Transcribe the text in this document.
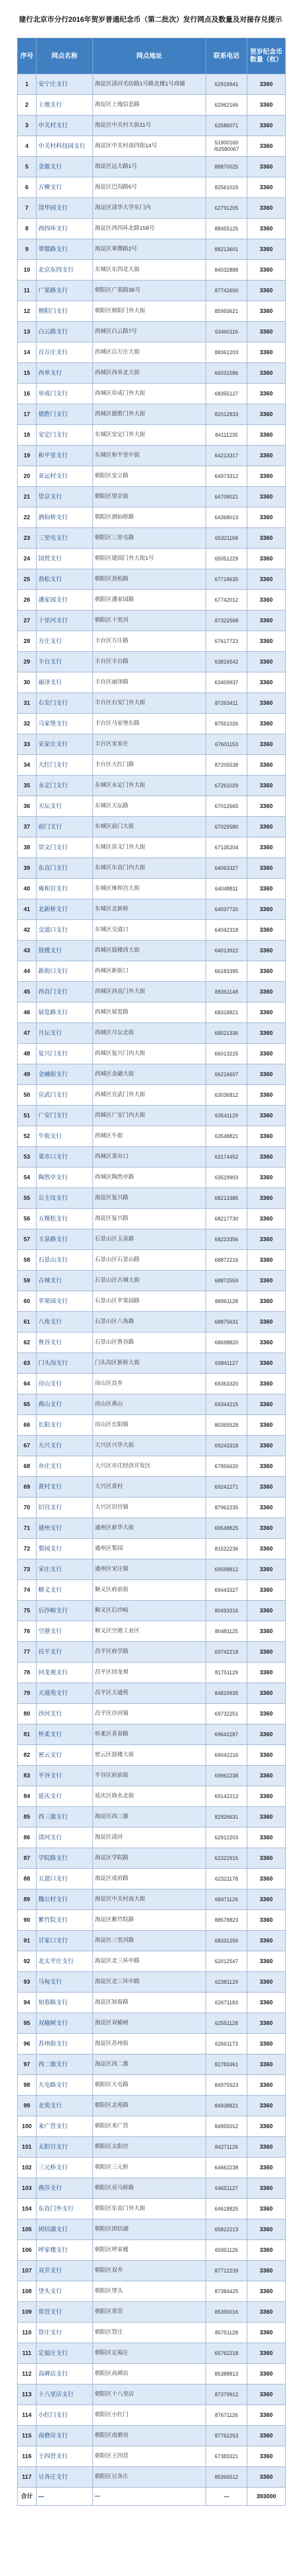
建行北京市分行2016年贺岁普通纪念币（第二批次）发行网点及数量及对接存兑提示
序号	网点名称	网点地址	联系电话	贺岁纪念币
数量（枚）
1	安宁庄支行	海淀区清河毛纺路1号路北楼1号商铺	62919941	3360
2	上地支行	海淀区上地信息路	62962166	3360
3	中关村支行	海淀区中关村大街11号	62586071	3360
4	中关村科技园支行	海淀区中关村南四街14号	51900160
/62580067	3360
5	金源支行	海淀区远大路1号	88870025	3360
6	万柳支行	海淀区巴沟路6号	82561015	3360
7	清华园支行	海淀区清华大学东门内	62791205	3360
8	西四环支行	海淀区西四环北路158号	88455125	3360
9	翠微路支行	海淀区翠微路2号	88213601	3360
10	北京东四支行	东城区东四北大街	84032888	3360
11	广渠路支行	朝阳区广渠路36号	87742600	3360
12	朝阳门支行	朝阳区朝阳门外大街	85993621	3360
13	白云路支行	西城区白云路7号	63460116	3360
14	百万庄支行	西城区百万庄大街	88361203	3360
15	西单支行	西城区西单北大街	66031586	3360
16	阜成门支行	西城区阜成门外大街	68355127	3360
17	德胜门支行	西城区德胜门外大街	82012833	3360
18	安定门支行	东城区安定门外大街	84111235	3360
19	和平里支行	东城区和平里中街	64213317	3360
20	亚运村支行	朝阳区安立路	64973312	3360
21	望京支行	朝阳区望京街	64709021	3360
22	酒仙桥支行	朝阳区酒仙桥路	64368013	3360
23	三里屯支行	朝阳区三里屯路	65321168	3360
24	国贸支行	朝阳区建国门外大街1号	65051229	3360
25	劲松支行	朝阳区劲松路	67718635	3360
26	潘家园支行	朝阳区潘家园路	67742012	3360
27	十里河支行	朝阳区十里河	87322568	3360
28	方庄支行	丰台区方庄路	67617723	3360
29	丰台支行	丰台区丰台路	63816542	3360
30	丽泽支行	丰台区丽泽路	63409937	3360
31	右安门支行	丰台区右安门外大街	87263411	3360
32	马家堡支行	丰台区马家堡东路	87551026	3360
33	宋家庄支行	丰台区宋家庄	67601153	3360
34	大红门支行	丰台区大红门路	87205538	3360
35	永定门支行	东城区永定门外大街	67261029	3360
36	天坛支行	东城区天坛路	67012665	3360
37	前门支行	东城区前门大街	67025580	3360
38	崇文门支行	东城区崇文门外大街	67135204	3360
39	东直门支行	东城区东直门内大街	64063327	3360
40	雍和宫支行	东城区雍和宫大街	64048811	3360
41	北新桥支行	东城区北新桥	64037720	3360
42	交道口支行	东城区交道口	64042318	3360
43	鼓楼支行	西城区鼓楼西大街	64013922	3360
44	新街口支行	西城区新街口	66183395	3360
45	西直门支行	西城区西直门外大街	88361148	3360
46	展览路支行	西城区展览路	68318821	3360
47	月坛支行	西城区月坛北街	68021336	3360
48	复兴门支行	西城区复兴门内大街	66013225	3360
49	金融街支行	西城区金融大街	66216607	3360
50	宣武门支行	西城区宣武门外大街	63036812	3360
51	广安门支行	西城区广安门内大街	63541129	3360
52	牛街支行	西城区牛街	63548821	3360
53	菜市口支行	西城区菜市口	63174452	3360
54	陶然亭支行	西城区陶然亭路	63519903	3360
55	公主坟支行	海淀区复兴路	68213385	3360
56	五棵松支行	海淀区复兴路	68217730	3360
57	玉泉路支行	石景山区玉泉路	68223356	3360
58	石景山支行	石景山区石景山路	68872216	3360
59	古城支行	石景山区古城大街	68872559	3360
60	苹果园支行	石景山区苹果园路	88961128	3360
61	八角支行	石景山区八角路	68875631	3360
62	鲁谷支行	石景山区鲁谷路	68698820	3360
63	门头沟支行	门头沟区新桥大街	69841127	3360
64	房山支行	房山区良乡	69363320	3360
65	燕山支行	房山区燕山	69344215	3360
66	长阳支行	房山区长阳镇	80365528	3360
67	大兴支行	大兴区兴华大街	69243318	3360
68	亦庄支行	大兴区亦庄经济开发区	67856620	3360
69	黄村支行	大兴区黄村	69242271	3360
70	旧宫支行	大兴区旧宫镇	87962235	3360
71	通州支行	通州区新华大街	69548825	3360
72	梨园支行	通州区梨园	81522236	3360
73	宋庄支行	通州区宋庄镇	69598812	3360
74	顺义支行	顺义区府前街	69443327	3360
75	后沙峪支行	顺义区后沙峪	80493316	3360
76	空港支行	顺义区空港工业区	80481125	3360
77	昌平支行	昌平区府学路	69742218	3360
78	回龙观支行	昌平区回龙观	81751129	3360
79	天通苑支行	昌平区天通苑	84819935	3360
80	沙河支行	昌平区沙河镇	69732251	3360
81	怀柔支行	怀柔区青春路	69642287	3360
82	密云支行	密云区鼓楼大街	69042216	3360
83	平谷支行	平谷区府前街	69962238	3360
84	延庆支行	延庆区妫水北街	69142213	3360
85	西三旗支行	海淀区西三旗	82926631	3360
86	清河支行	海淀区清河	62912203	3360
87	学院路支行	海淀区学院路	62322915	3360
88	五道口支行	海淀区成府路	62321178	3360
89	魏公村支行	海淀区中关村南大街	68471126	3360
90	紫竹院支行	海淀区紫竹院路	88578823	3360
91	甘家口支行	海淀区三里河路	68331256	3360
92	北太平庄支行	海淀区北三环中路	62012547	3360
93	马甸支行	海淀区北三环中路	62381129	3360
94	知春路支行	海淀区知春路	62671183	3360
95	双榆树支行	海淀区双榆树	62551128	3360
96	苏州街支行	海淀区苏州街	62661173	3360
97	西二旗支行	海淀区西二旗	82783361	3360
98	大屯路支行	朝阳区大屯路	84975523	3360
99	北苑支行	朝阳区北苑路	84938821	3360
100	来广营支行	朝阳区来广营	84955012	3360
101	太阳宫支行	朝阳区太阳宫	84271126	3360
102	三元桥支行	朝阳区三元桥	64662238	3360
103	燕莎支行	朝阳区亮马桥路	64651127	3360
104	东直门外支行	朝阳区东直门外大街	64618825	3360
105	团结湖支行	朝阳区团结湖	65822213	3360
106	呼家楼支行	朝阳区呼家楼	65951126	3360
107	双井支行	朝阳区双井	87712239	3360
108	垡头支行	朝阳区垡头	87384425	3360
109	常营支行	朝阳区常营	85390016	3360
110	管庄支行	朝阳区管庄	85751128	3360
111	定福庄支行	朝阳区定福庄	65762218	3360
112	高碑店支行	朝阳区高碑店	85388813	3360
113	十八里店支行	朝阳区十八里店	87379912	3360
114	小红门支行	朝阳区小红门	87671126	3360
115	南磨房支行	朝阳区南磨房	87762253	3360
116	王四营支行	朝阳区王四营	67383321	3360
117	豆各庄支行	朝阳区豆各庄	85366512	3360
合计	—	—	—	393000
